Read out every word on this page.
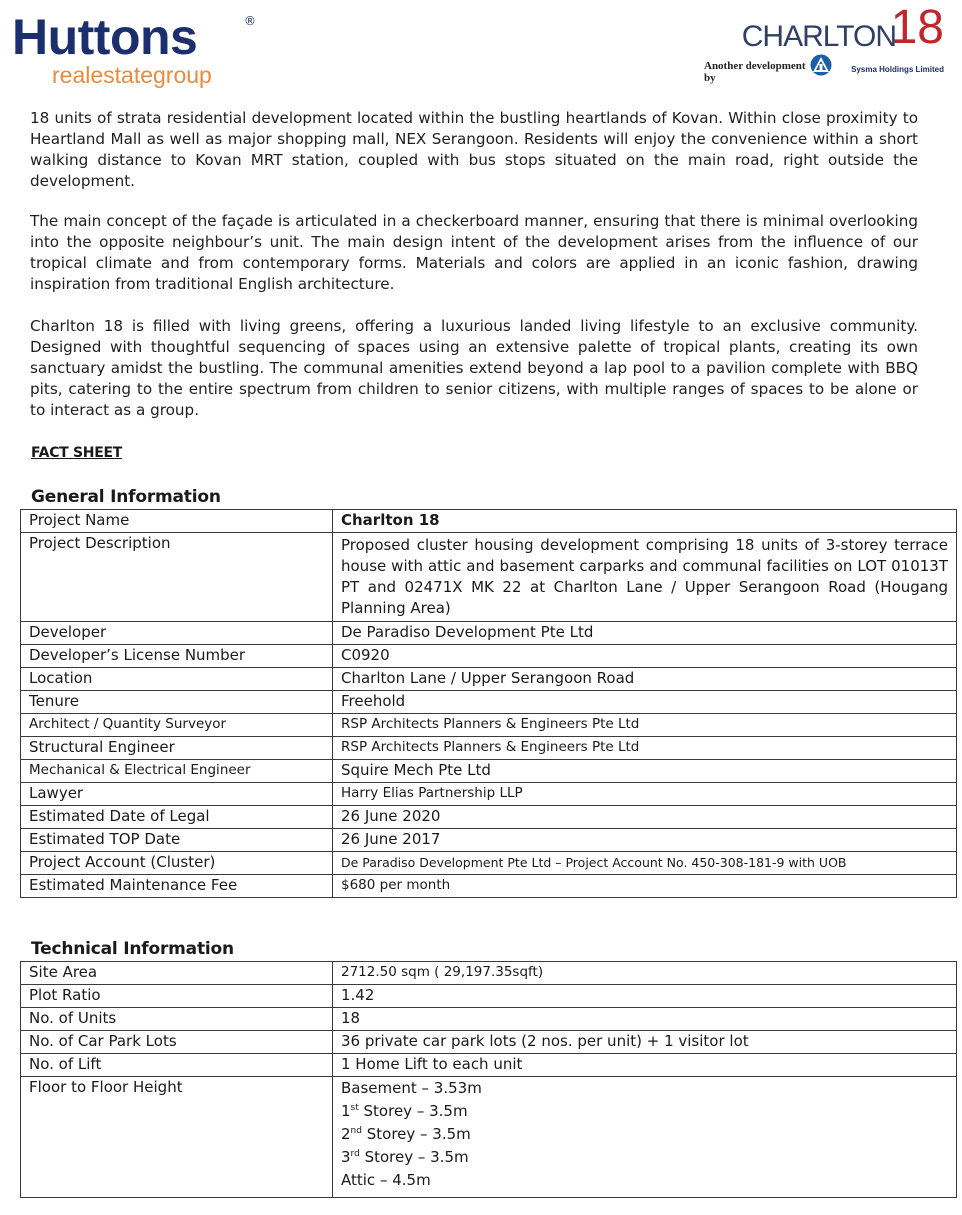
Huttons	®
realestategroup
CHARLTON
18
Another development by
Sysma Holdings Limited

18 units of strata residential development located within the bustling heartlands of Kovan. Within close proximity to Heartland Mall as well as major shopping mall, NEX Serangoon. Residents will enjoy the convenience within a short walking distance to Kovan MRT station, coupled with bus stops situated on the main road, right outside the development.

The main concept of the façade is articulated in a checkerboard manner, ensuring that there is minimal overlooking into the opposite neighbour’s unit. The main design intent of the development arises from the influence of our tropical climate and from contemporary forms. Materials and colors are applied in an iconic fashion, drawing inspiration from traditional English architecture.

Charlton 18 is filled with living greens, offering a luxurious landed living lifestyle to an exclusive community. Designed with thoughtful sequencing of spaces using an extensive palette of tropical plants, creating its own sanctuary amidst the bustling. The communal amenities extend beyond a lap pool to a pavilion complete with BBQ pits, catering to the entire spectrum from children to senior citizens, with multiple ranges of spaces to be alone or to interact as a group.

FACT SHEET

General Information

Project Name	Charlton 18
Project Description	Proposed cluster housing development comprising 18 units of 3-storey terrace house with attic and basement carparks and communal facilities on LOT 01013T PT and 02471X MK 22 at Charlton Lane / Upper Serangoon Road (Hougang Planning Area)
Developer	De Paradiso Development Pte Ltd
Developer’s License Number	C0920
Location	Charlton Lane / Upper Serangoon Road
Tenure	Freehold
Architect / Quantity Surveyor	RSP Architects Planners & Engineers Pte Ltd
Structural Engineer	RSP Architects Planners & Engineers Pte Ltd
Mechanical & Electrical Engineer	Squire Mech Pte Ltd
Lawyer	Harry Elias Partnership LLP
Estimated Date of Legal	26 June 2020
Estimated TOP Date	26 June 2017
Project Account (Cluster)	De Paradiso Development Pte Ltd – Project Account No. 450-308-181-9 with UOB
Estimated Maintenance Fee	$680 per month

Technical Information

Site Area	2712.50 sqm ( 29,197.35sqft)
Plot Ratio	1.42
No. of Units	18
No. of Car Park Lots	36 private car park lots (2 nos. per unit) + 1 visitor lot
No. of Lift	1 Home Lift to each unit
Floor to Floor Height	Basement – 3.53m
1st Storey – 3.5m
2nd Storey – 3.5m
3rd Storey – 3.5m
Attic – 4.5m
